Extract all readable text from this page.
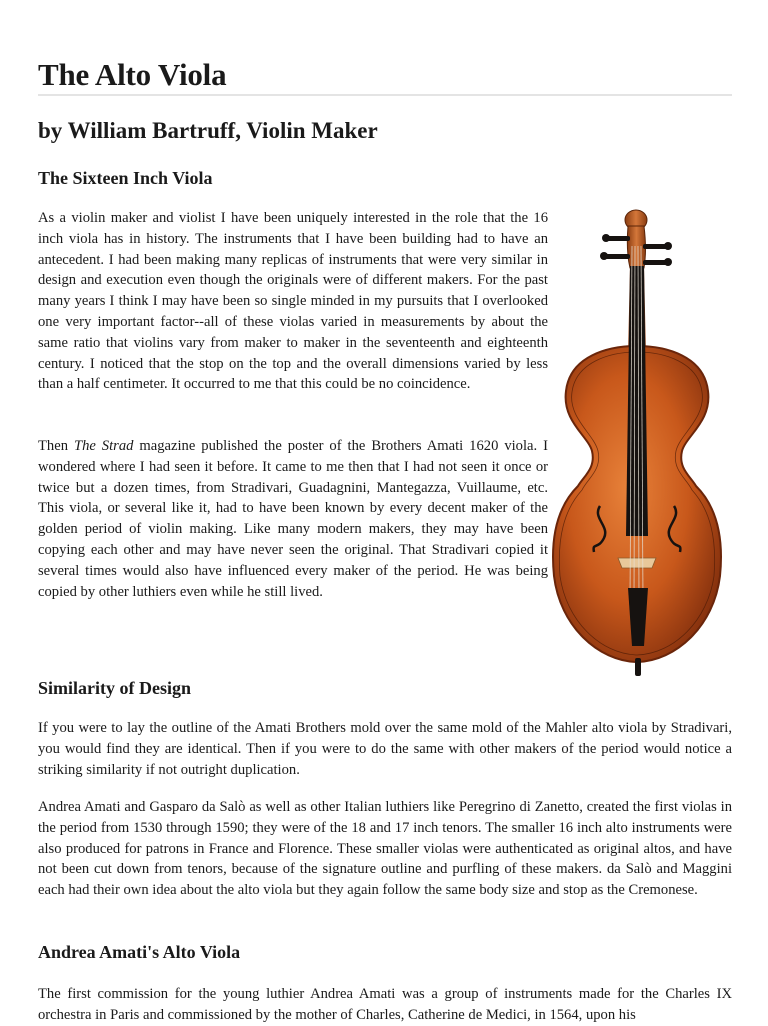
The Alto Viola
by William Bartruff, Violin Maker
The Sixteen Inch Viola

As a violin maker and violist I have been uniquely interested in the role that the 16 inch viola has in history. The instruments that I have been building had to have an antecedent. I had been making many replicas of instruments that were very similar in design and execution even though the originals were of different makers. For the past many years I think I may have been so single minded in my pursuits that I overlooked one very important factor--all of these violas varied in measurements by about the same ratio that violins vary from maker to maker in the seventeenth and eighteenth century. I noticed that the stop on the top and the overall dimensions varied by less than a half centimeter. It occurred to me that this could be no coincidence.

Then The Strad magazine published the poster of the Brothers Amati 1620 viola. I wondered where I had seen it before. It came to me then that I had not seen it once or twice but a dozen times, from Stradivari, Guadagnini, Mantegazza, Vuillaume, etc. This viola, or several like it, had to have been known by every decent maker of the golden period of violin making. Like many modern makers, they may have been copying each other and may have never seen the original. That Stradivari copied it several times would also have influenced every maker of the period. He was being copied by other luthiers even while he still lived.

Similarity of Design

If you were to lay the outline of the Amati Brothers mold over the same mold of the Mahler alto viola by Stradivari, you would find they are identical. Then if you were to do the same with other makers of the period would notice a striking similarity if not outright duplication.

Andrea Amati and Gasparo da Salò as well as other Italian luthiers like Peregrino di Zanetto, created the first violas in the period from 1530 through 1590; they were of the 18 and 17 inch tenors. The smaller 16 inch alto instruments were also produced for patrons in France and Florence. These smaller violas were authenticated as original altos, and have not been cut down from tenors, because of the signature outline and purfling of these makers. da Salò and Maggini each had their own idea about the alto viola but they again follow the same body size and stop as the Cremonese.

Andrea Amati's Alto Viola

The first commission for the young luthier Andrea Amati was a group of instruments made for the Charles IX orchestra in Paris and commissioned by the mother of Charles, Catherine de Medici, in 1564, upon his
